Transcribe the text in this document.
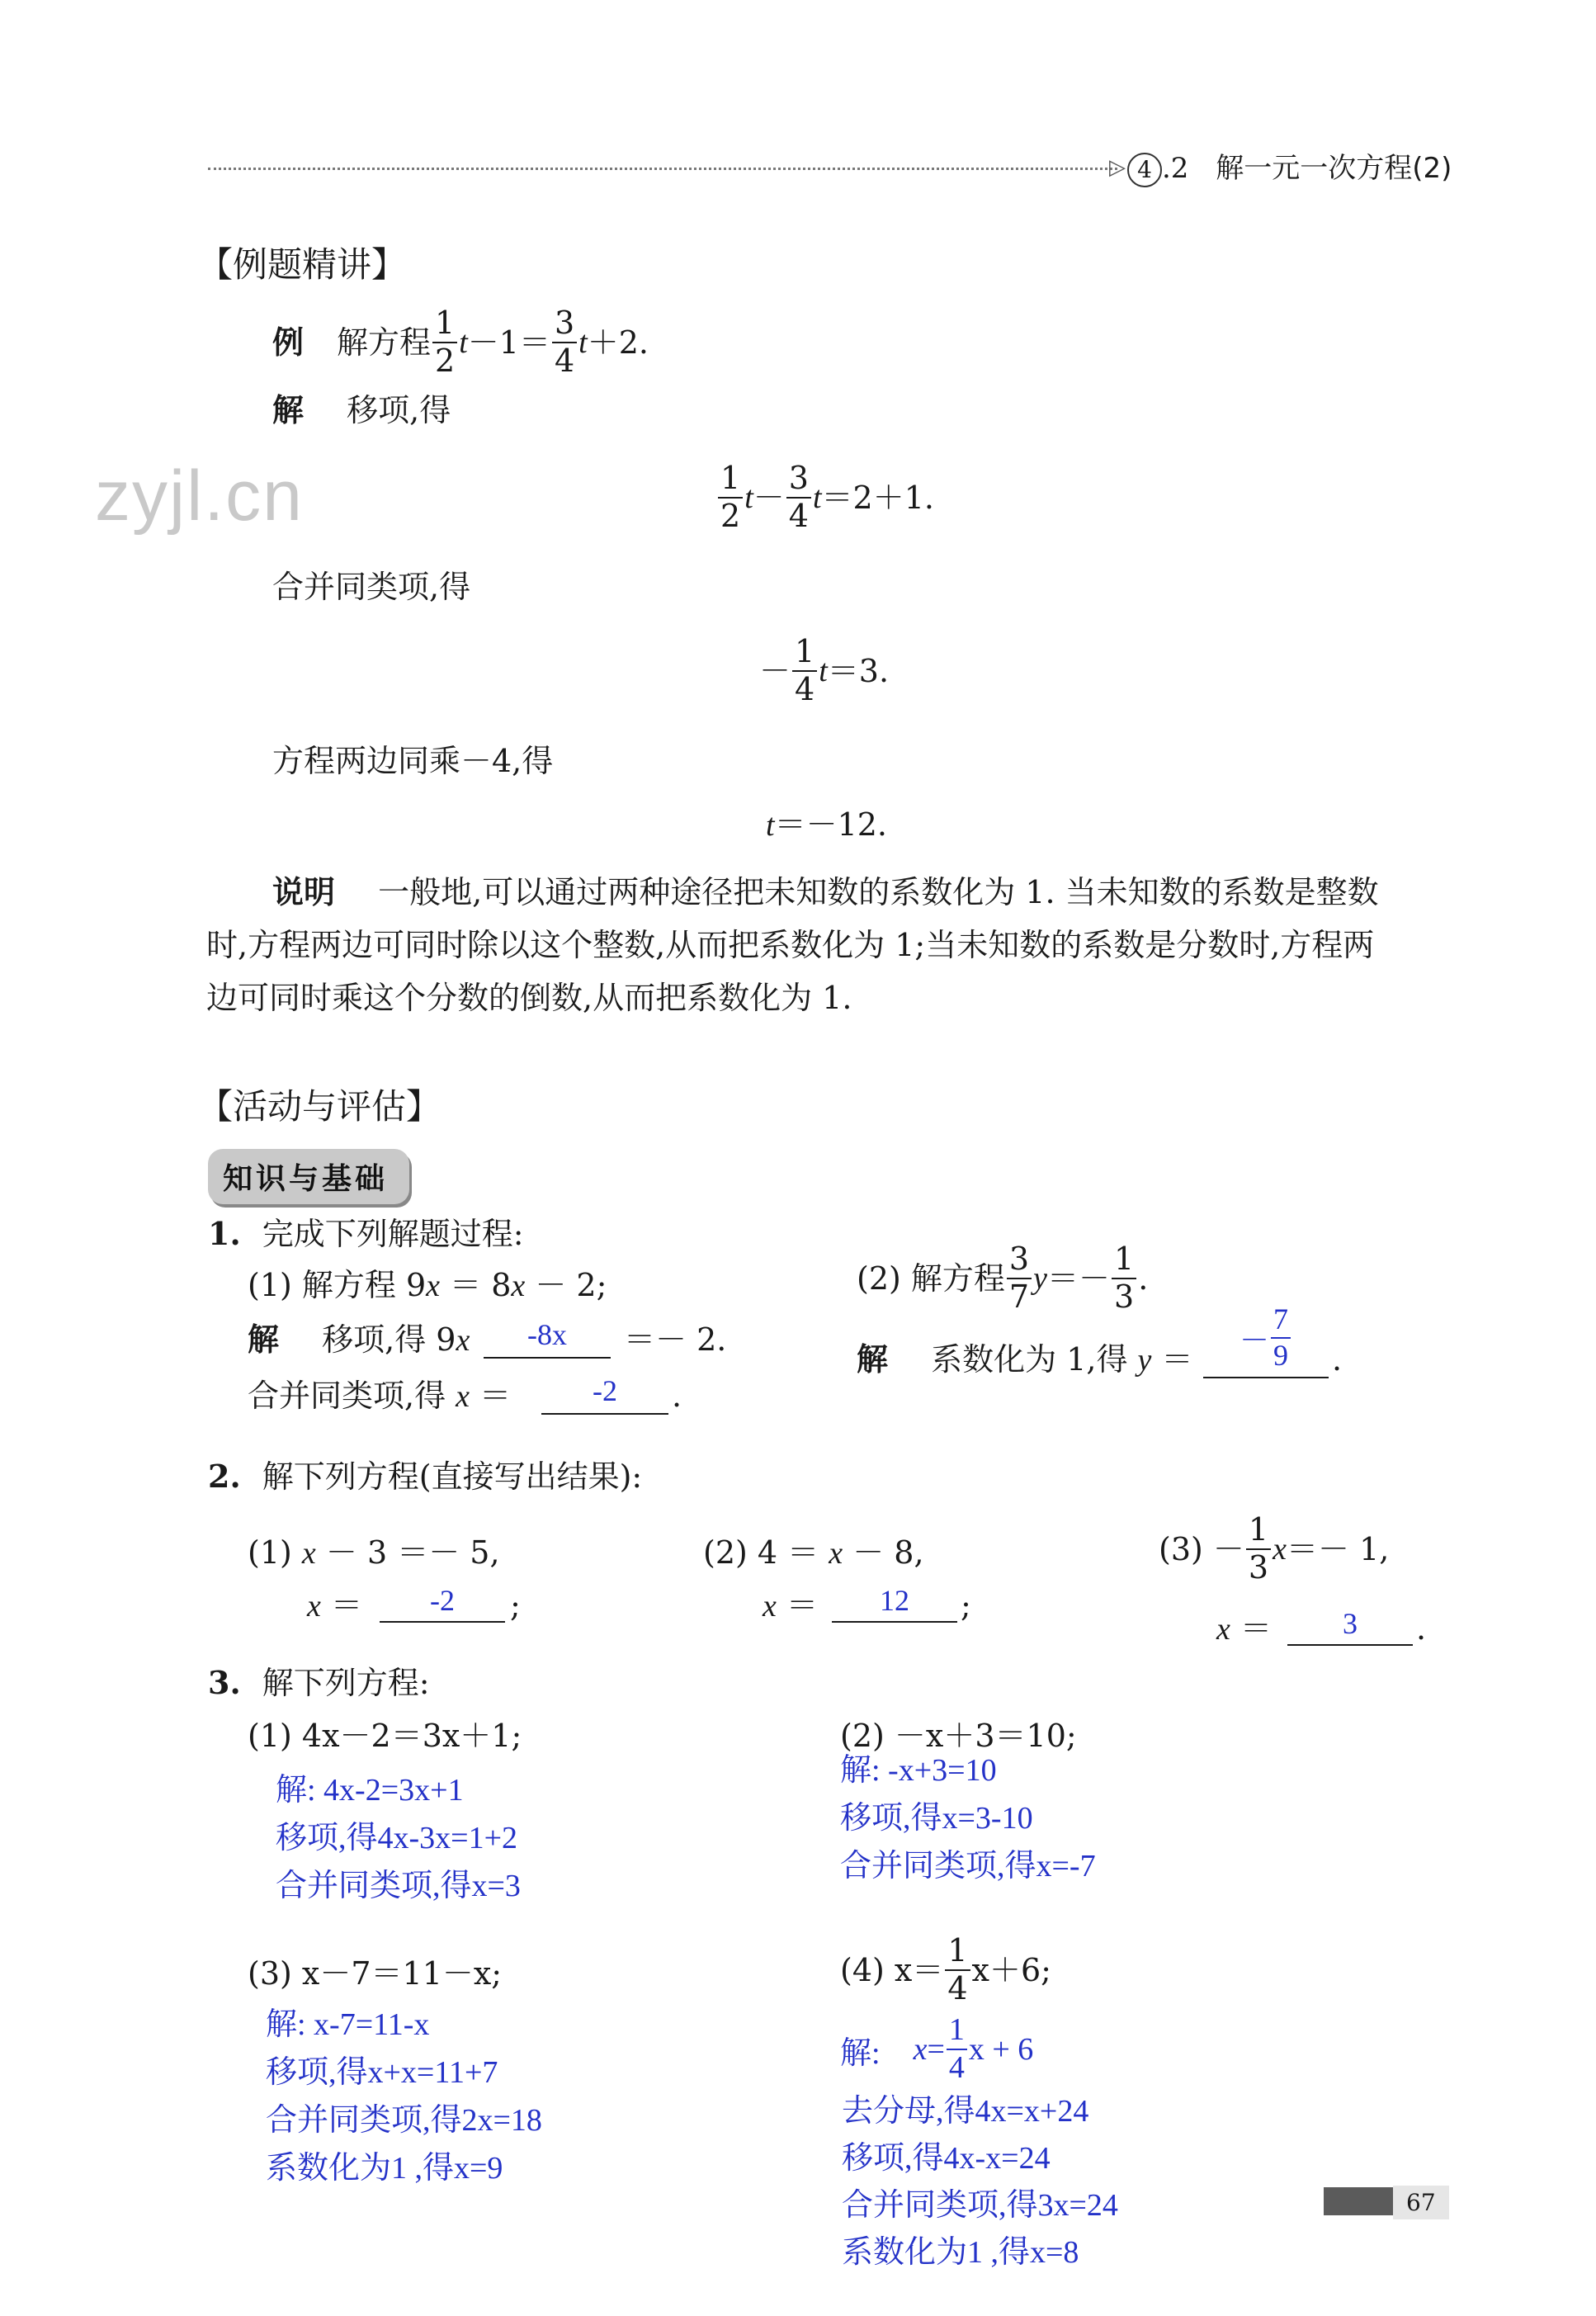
▷ 4 .2 解一元一次方程(2)
zyjl.cn
【例题精讲】
例 解方程 $\frac{1}{2}$ $t -1= \frac{3}{4}$ t ＋2.
解 移项,得
$\frac{1}{2}$ $t - \frac{3}{4}$ t ＝2＋1.
合并同类项,得
－ $\frac{1}{4}$ t ＝3.
方程两边同乘－4,得
t＝－12.
说明 一般地,可以通过两种途径把未知数的系数化为 1. 当未知数的系数是整数
时,方程两边可同时除以这个整数,从而把系数化为 1;当未知数的系数是分数时,方程两
边可同时乘这个分数的倒数,从而把系数化为 1.
【活动与评估】
知识与基础
1. 完成下列解题过程:
(1) 解方程 9x ＝ 8x － 2;
解 移项,得 9x	-8x	＝－ 2.
合并同类项,得 x ＝	-2	.
(2) 解方程 $\frac{3}{7}$ $y =- \frac{1}{3}$ .
解 系数化为 1,得 y ＝
－ $\frac{7}{9}$ .
2. 解下列方程(直接写出结果):
(1) x － 3 ＝－ 5,
x ＝	-2	;
(2) 4 ＝ x － 8,
x ＝	12	;
$(3) - \frac{1}{3}$ x ＝－ 1,
x ＝	3	.
3. 解下列方程:
(1) 4x－2＝3x＋1;
解: 4x-2=3x+1
移项,得4x-3x=1+2
合并同类项,得x=3
(2) －x＋3＝10;
解: -x+3=10
移项,得x=3-10
合并同类项,得x=-7
(3) x－7＝11－x;
解: x-7=11-x
移项,得x+x=11+7
合并同类项,得2x=18
系数化为1 ,得x=9
(4) $x= \frac{1}{4} x+6$;
解: $x = \frac{1}{4}$ x + 6
去分母,得4x=x+24
移项,得4x-x=24
合并同类项,得3x=24
系数化为1 ,得x=8
67
